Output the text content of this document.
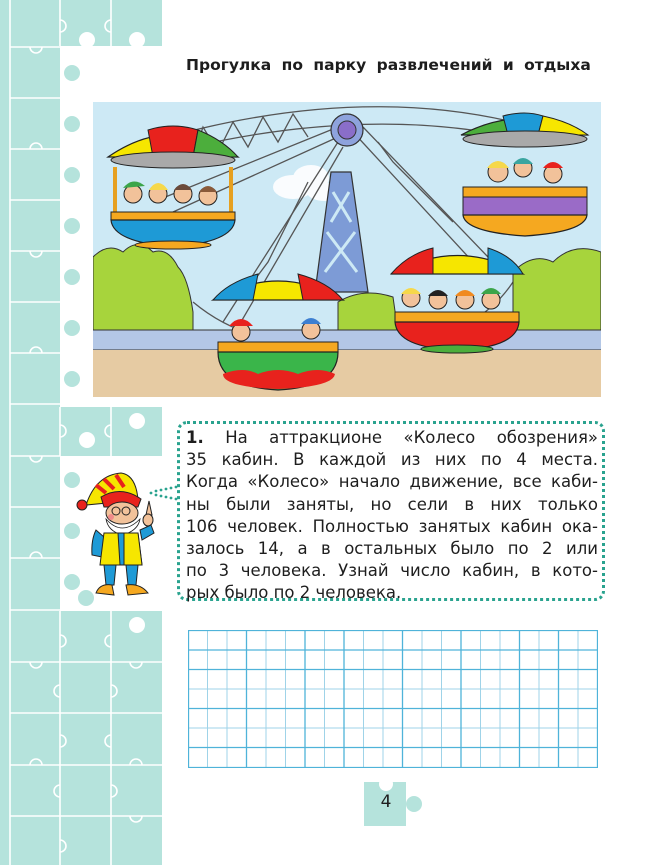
Прогулка по парку развлечений и отдыха
1. На аттракционе «Колесо обозрения»
35 кабин. В каждой из них по 4 места.
Когда «Колесо» начало движение, все каби-
ны были заняты, но сели в них только
106 человек. Полностью занятых кабин ока-
залось 14, а в остальных было по 2 или
по 3 человека. Узнай число кабин, в кото-
рых было по 2 человека.
4
